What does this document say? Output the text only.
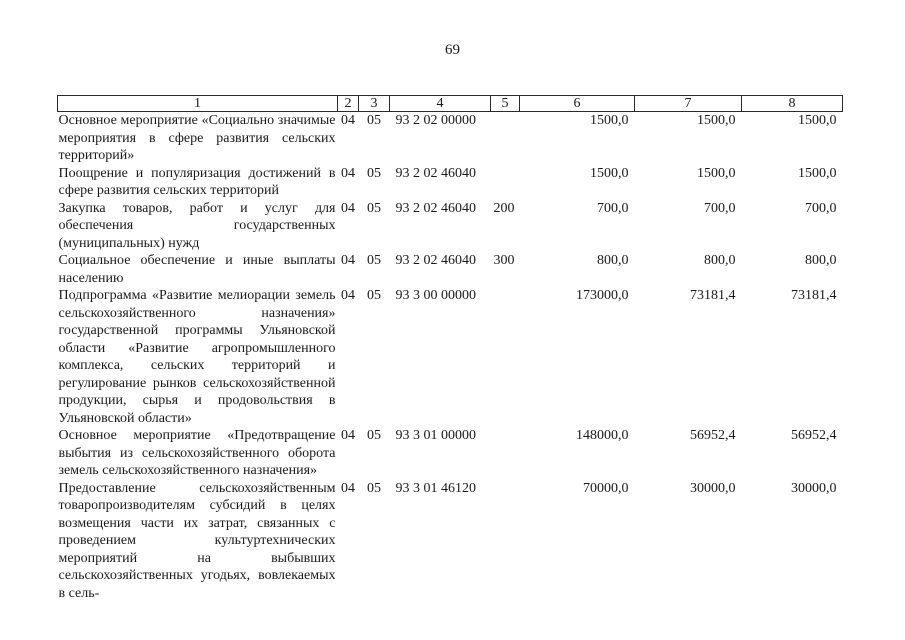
69
1	2	3	4	5	6	7	8
Основное мероприятие «Социально значимые мероприятия в сфере развития сельских территорий»	04	05	93 2 02 00000		1500,0	1500,0	1500,0
Поощрение и популяризация достижений в сфере развития сельских территорий	04	05	93 2 02 46040		1500,0	1500,0	1500,0
Закупка товаров, работ и услуг для обеспечения государственных (муниципальных) нужд	04	05	93 2 02 46040	200	700,0	700,0	700,0
Социальное обеспечение и иные выплаты населению	04	05	93 2 02 46040	300	800,0	800,0	800,0
Подпрограмма «Развитие мелиорации земель сельскохозяйственного назначения» государственной программы Ульяновской области «Развитие агропромышленного комплекса, сельских территорий и регулирование рынков сельскохозяйственной продукции, сырья и продовольствия в Ульяновской области»	04	05	93 3 00 00000		173000,0	73181,4	73181,4
Основное мероприятие «Предотвращение выбытия из сельскохозяйственного оборота земель сельскохозяйственного назначения»	04	05	93 3 01 00000		148000,0	56952,4	56952,4
Предоставление сельскохозяйственным товаропроизводителям субсидий в целях возмещения части их затрат, связанных с проведением культуртехнических мероприятий на выбывших сельскохозяйственных угодьях, вовлекаемых в сель-	04	05	93 3 01 46120		70000,0	30000,0	30000,0
